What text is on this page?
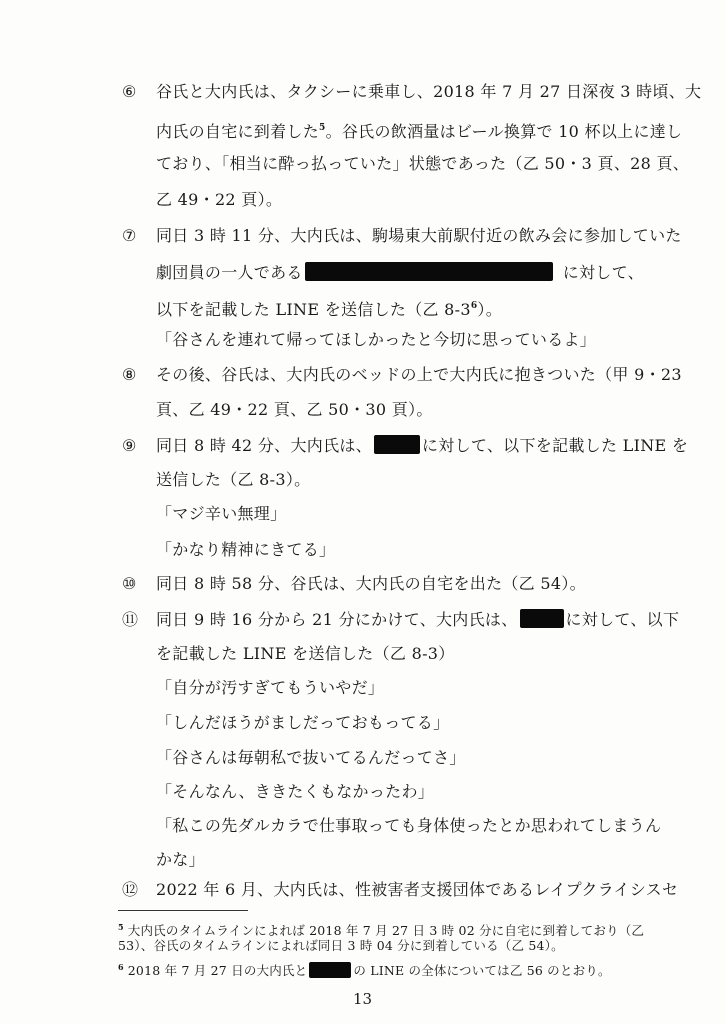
⑥ 谷氏と大内氏は、タクシーに乗車し、2018 年 7 月 27 日深夜 3 時頃、大
内氏の自宅に到着した$^5$。谷氏の飲酒量はビール換算で 10 杯以上に達し
ており、「相当に酔っ払っていた」状態であった（乙 50・3 頁、28 頁、
乙 49・22 頁）。
⑦ 同日 3 時 11 分、大内氏は、駒場東大前駅付近の飲み会に参加していた
劇団員の一人である	に対して、
以下を記載した LINE を送信した（乙 $8-3^6$）。
「谷さんを連れて帰ってほしかったと今切に思っているよ」
⑧ その後、谷氏は、大内氏のベッドの上で大内氏に抱きついた（甲 9・23
頁、乙 49・22 頁、乙 50・30 頁）。
⑨ 同日 8 時 42 分、大内氏は、	に対して、以下を記載した LINE を
送信した（乙 8-3）。
「マジ辛い無理」
「かなり精神にきてる」
⑩ 同日 8 時 58 分、谷氏は、大内氏の自宅を出た（乙 54）。
⑪ 同日 9 時 16 分から 21 分にかけて、大内氏は、	に対して、以下
を記載した LINE を送信した（乙 8-3）
「自分が汚すぎてもういやだ」
「しんだほうがましだっておもってる」
「谷さんは毎朝私で抜いてるんだってさ」
「そんなん、ききたくもなかったわ」
「私この先ダルカラで仕事取っても身体使ったとか思われてしまうん
かな」
⑫ 2022 年 6 月、大内氏は、性被害者支援団体であるレイプクライシスセ
$^5$ 大内氏のタイムラインによれば 2018 年 7 月 27 日 3 時 02 分に自宅に到着しており（乙
53）、谷氏のタイムラインによれば同日 3 時 04 分に到着している（乙 54）。
$^6$ 2018 年 7 月 27 日の大内氏と	の LINE の全体については乙 56 のとおり。
13
